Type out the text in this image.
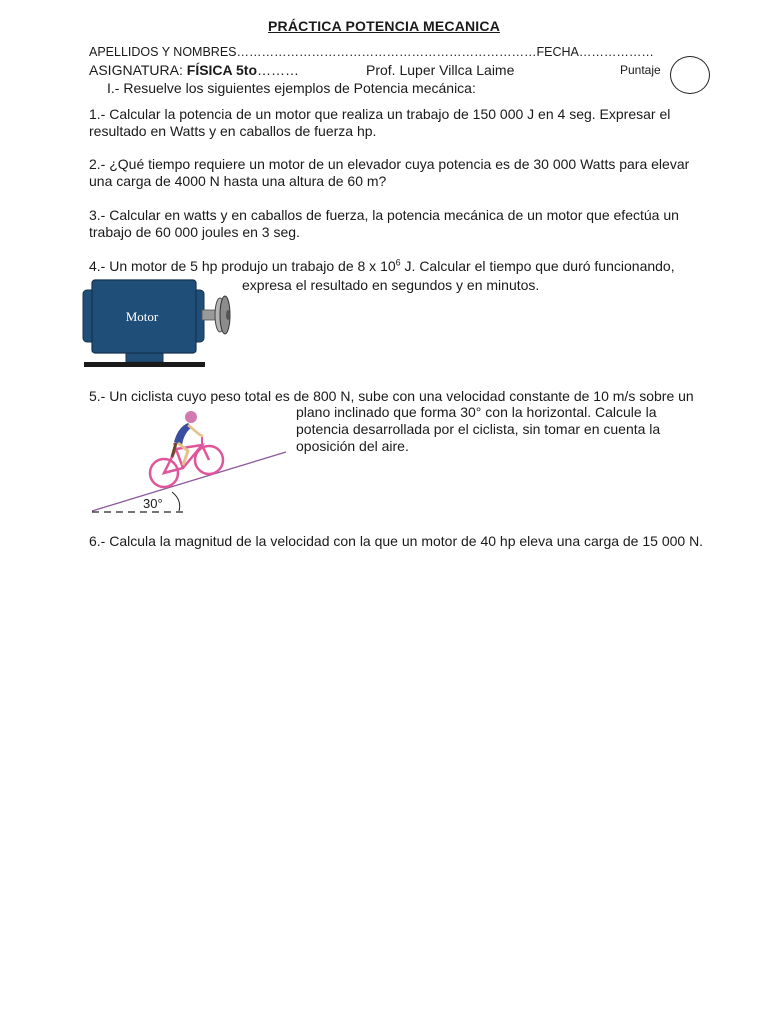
PRÁCTICA POTENCIA MECANICA
APELLIDOS Y NOMBRES………………………………………………………………FECHA………………
ASIGNATURA: FÍSICA 5to………	Prof. Luper Villca Laime	Puntaje
I.- Resuelve los siguientes ejemplos de Potencia mecánica:
1.- Calcular la potencia de un motor que realiza un trabajo de 150 000 J en 4 seg. Expresar el
resultado en Watts y en caballos de fuerza hp.
2.- ¿Qué tiempo requiere un motor de un elevador cuya potencia es de 30 000 Watts para elevar
una carga de 4000 N hasta una altura de 60 m?
3.- Calcular en watts y en caballos de fuerza, la potencia mecánica de un motor que efectúa un
trabajo de 60 000 joules en 3 seg.
4.- Un motor de 5 hp produjo un trabajo de 8 x $10^6$ J. Calcular el tiempo que duró funcionando,
expresa el resultado en segundos y en minutos.
Motor
5.- Un ciclista cuyo peso total es de 800 N, sube con una velocidad constante de 10 m/s sobre un
plano inclinado que forma 30° con la horizontal. Calcule la
potencia desarrollada por el ciclista, sin tomar en cuenta la
oposición del aire.
30°
6.- Calcula la magnitud de la velocidad con la que un motor de 40 hp eleva una carga de 15 000 N.
